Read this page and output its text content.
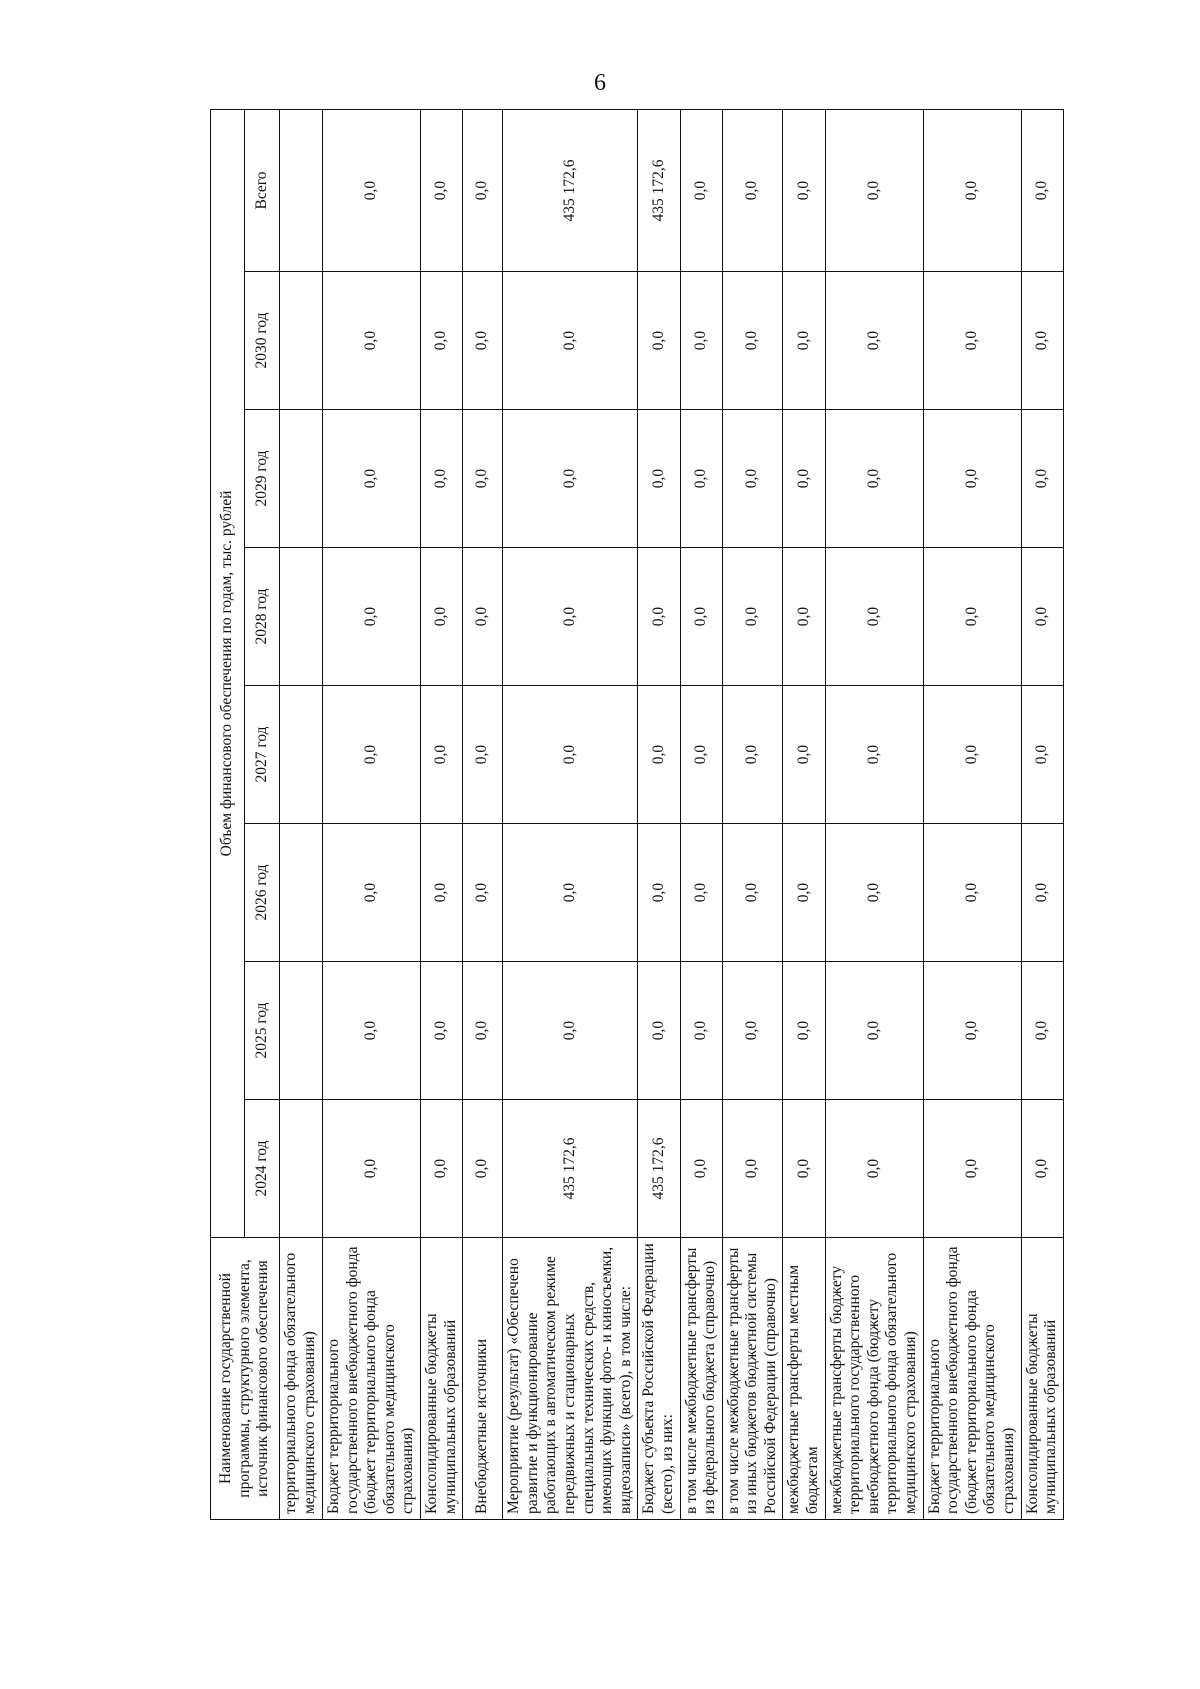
6
Наименование государственной программы, структурного элемента, источник финансового обеспечения	Объем финансового обеспечения по годам, тыс. рублей							
	2024 год	2025 год	2026 год	2027 год	2028 год	2029 год	2030 год	Всего
территориального фонда обязательного медицинского страхования)								
Бюджет территориального государственного внебюджетного фонда (бюджет территориального фонда обязательного медицинского страхования)	0,0	0,0	0,0	0,0	0,0	0,0	0,0	0,0
Консолидированные бюджеты муниципальных образований	0,0	0,0	0,0	0,0	0,0	0,0	0,0	0,0
Внебюджетные источники	0,0	0,0	0,0	0,0	0,0	0,0	0,0	0,0
Мероприятие (результат) «Обеспечено развитие и функционирование работающих в автоматическом режиме передвижных и стационарных специальных технических средств, имеющих функции фото- и киносъемки, видеозаписи» (всего), в том числе:	435 172,6	0,0	0,0	0,0	0,0	0,0	0,0	435 172,6
Бюджет субъекта Российской Федерации (всего), из них:	435 172,6	0,0	0,0	0,0	0,0	0,0	0,0	435 172,6
в том числе межбюджетные трансферты из федерального бюджета (справочно)	0,0	0,0	0,0	0,0	0,0	0,0	0,0	0,0
в том числе межбюджетные трансферты из иных бюджетов бюджетной системы Российской Федерации (справочно)	0,0	0,0	0,0	0,0	0,0	0,0	0,0	0,0
межбюджетные трансферты местным бюджетам	0,0	0,0	0,0	0,0	0,0	0,0	0,0	0,0
межбюджетные трансферты бюджету территориального государственного внебюджетного фонда (бюджету территориального фонда обязательного медицинского страхования)	0,0	0,0	0,0	0,0	0,0	0,0	0,0	0,0
Бюджет территориального государственного внебюджетного фонда (бюджет территориального фонда обязательного медицинского страхования)	0,0	0,0	0,0	0,0	0,0	0,0	0,0	0,0
Консолидированные бюджеты муниципальных образований	0,0	0,0	0,0	0,0	0,0	0,0	0,0	0,0
